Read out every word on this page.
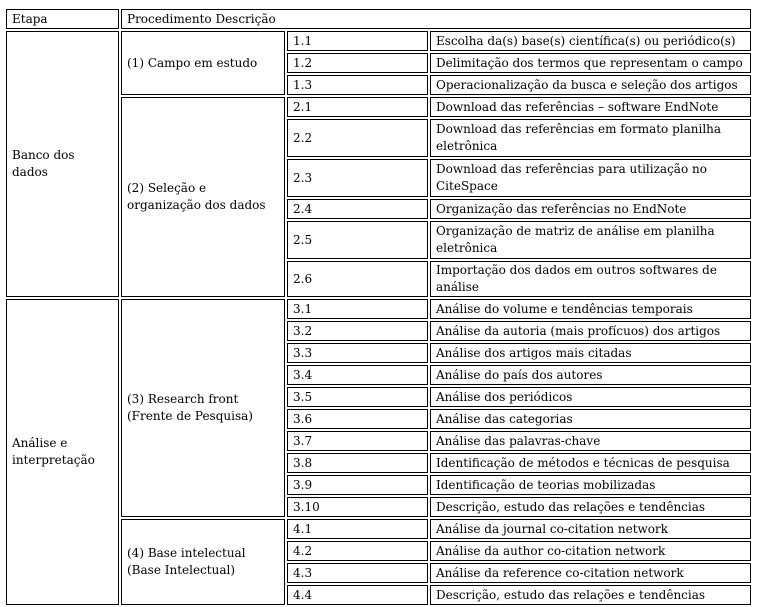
Etapa	Procedimento Descrição		
Banco dos dados	(1) Campo em estudo	1.1	Escolha da(s) base(s) científica(s) ou periódico(s)
		1.2	Delimitação dos termos que representam o campo
		1.3	Operacionalização da busca e seleção dos artigos
	(2) Seleção e organização dos dados	2.1	Download das referências – software EndNote
		2.2	Download das referências em formato planilha eletrônica
		2.3	Download das referências para utilização no CiteSpace
		2.4	Organização das referências no EndNote
		2.5	Organização de matriz de análise em planilha eletrônica
		2.6	Importação dos dados em outros softwares de análise
Análise e interpretação	(3) Research front (Frente de Pesquisa)	3.1	Análise do volume e tendências temporais
		3.2	Análise da autoria (mais profícuos) dos artigos
		3.3	Análise dos artigos mais citadas
		3.4	Análise do país dos autores
		3.5	Análise dos periódicos
		3.6	Análise das categorias
		3.7	Análise das palavras-chave
		3.8	Identificação de métodos e técnicas de pesquisa
		3.9	Identificação de teorias mobilizadas
		3.10	Descrição, estudo das relações e tendências
	(4) Base intelectual (Base Intelectual)	4.1	Análise da journal co-citation network
		4.2	Análise da author co-citation network
		4.3	Análise da reference co-citation network
		4.4	Descrição, estudo das relações e tendências
